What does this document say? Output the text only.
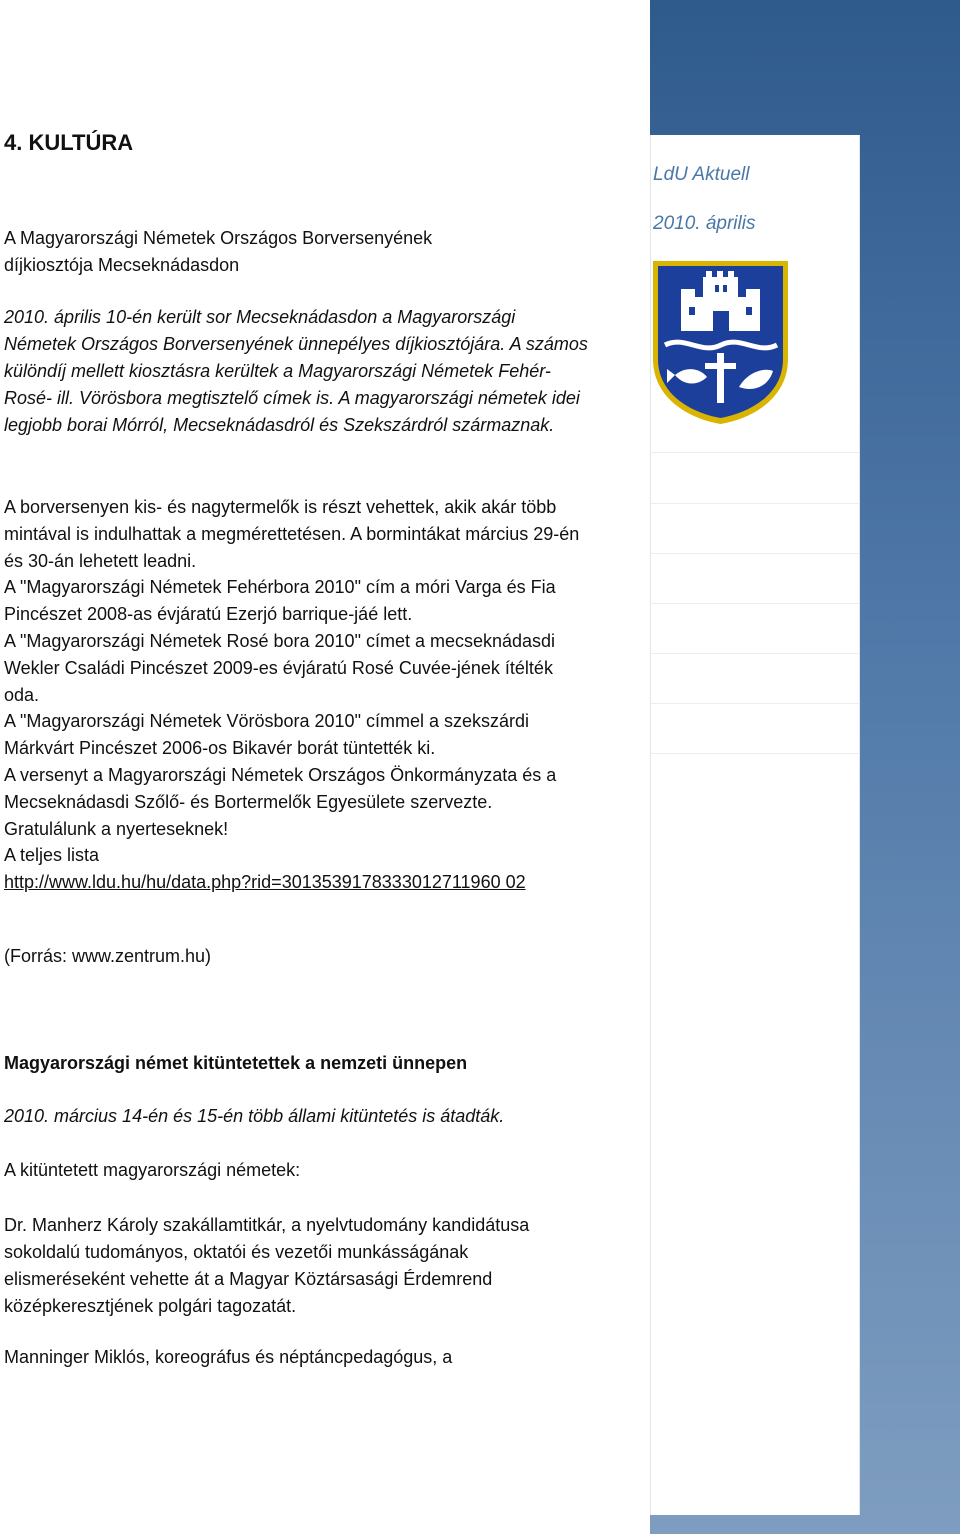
LdU Aktuell
2010. április
4. KULTÚRA
A Magyarországi Németek Országos Borversenyének díjkiosztója Mecseknádasdon

2010. április 10-én került sor Mecseknádasdon a Magyarországi Németek Országos Borversenyének ünnepélyes díjkiosztójára. A számos különdíj mellett kiosztásra kerültek a Magyarországi Németek Fehér- Rosé- ill. Vörösbora megtisztelő címek is. A magyarországi németek idei legjobb borai Mórról, Mecseknádasdról és Szekszárdról származnak.

A borversenyen kis- és nagytermelők is részt vehettek, akik akár több mintával is indulhattak a megmérettetésen. A bormintákat március 29-én és 30-án lehetett leadni.

A "Magyarországi Németek Fehérbora 2010" cím a móri Varga és Fia Pincészet 2008-as évjáratú Ezerjó barrique-jáé lett.

A "Magyarországi Németek Rosé bora 2010" címet a mecseknádasdi Wekler Családi Pincészet 2009-es évjáratú Rosé Cuvée-jének ítélték oda.

A "Magyarországi Németek Vörösbora 2010" címmel a szekszárdi Márkvárt Pincészet 2006-os Bikavér borát tüntették ki.

A versenyt a Magyarországi Németek Országos Önkormányzata és a Mecseknádasdi Szőlő- és Bortermelők Egyesülete szervezte.

Gratulálunk a nyerteseknek!

A teljes lista

http://www.ldu.hu/hu/data.php?rid=3013539178333012711960 02

(Forrás: www.zentrum.hu)

Magyarországi német kitüntetettek a nemzeti ünnepen

2010. március 14-én és 15-én több állami kitüntetés is átadták.

A kitüntetett magyarországi németek:

Dr. Manherz Károly szakállamtitkár, a nyelvtudomány kandidátusa sokoldalú tudományos, oktatói és vezetői munkásságának elismeréseként vehette át a Magyar Köztársasági Érdemrend középkeresztjének polgári tagozatát.

Manninger Miklós, koreográfus és néptáncpedagógus, a
